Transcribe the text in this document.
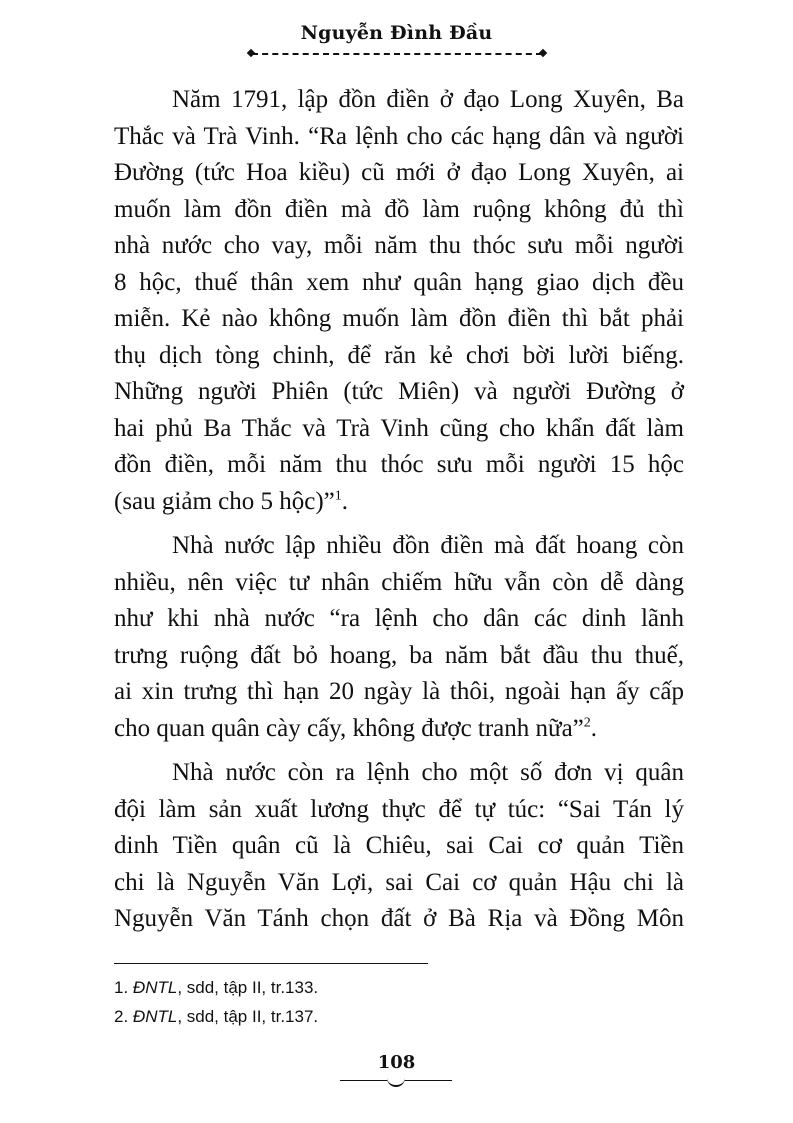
Nguyễn Đình Đầu

Năm 1791, lập đồn điền ở đạo Long Xuyên, Ba
Thắc và Trà Vinh. “Ra lệnh cho các hạng dân và người
Đường (tức Hoa kiều) cũ mới ở đạo Long Xuyên, ai
muốn làm đồn điền mà đồ làm ruộng không đủ thì
nhà nước cho vay, mỗi năm thu thóc sưu mỗi người
8 hộc, thuế thân xem như quân hạng giao dịch đều
miễn. Kẻ nào không muốn làm đồn điền thì bắt phải
thụ dịch tòng chinh, để răn kẻ chơi bời lười biếng.
Những người Phiên (tức Miên) và người Đường ở
hai phủ Ba Thắc và Trà Vinh cũng cho khẩn đất làm
đồn điền, mỗi năm thu thóc sưu mỗi người 15 hộc
(sau giảm cho 5 hộc)”$^1$.

Nhà nước lập nhiều đồn điền mà đất hoang còn
nhiều, nên việc tư nhân chiếm hữu vẫn còn dễ dàng
như khi nhà nước “ra lệnh cho dân các dinh lãnh
trưng ruộng đất bỏ hoang, ba năm bắt đầu thu thuế,
ai xin trưng thì hạn 20 ngày là thôi, ngoài hạn ấy cấp
cho quan quân cày cấy, không được tranh nữa”$^2$.

Nhà nước còn ra lệnh cho một số đơn vị quân
đội làm sản xuất lương thực để tự túc: “Sai Tán lý
dinh Tiền quân cũ là Chiêu, sai Cai cơ quản Tiền
chi là Nguyễn Văn Lợi, sai Cai cơ quản Hậu chi là
Nguyễn Văn Tánh chọn đất ở Bà Rịa và Đồng Môn

1. ĐNTL, sdd, tập II, tr.133.
2. ĐNTL, sdd, tập II, tr.137.
108
